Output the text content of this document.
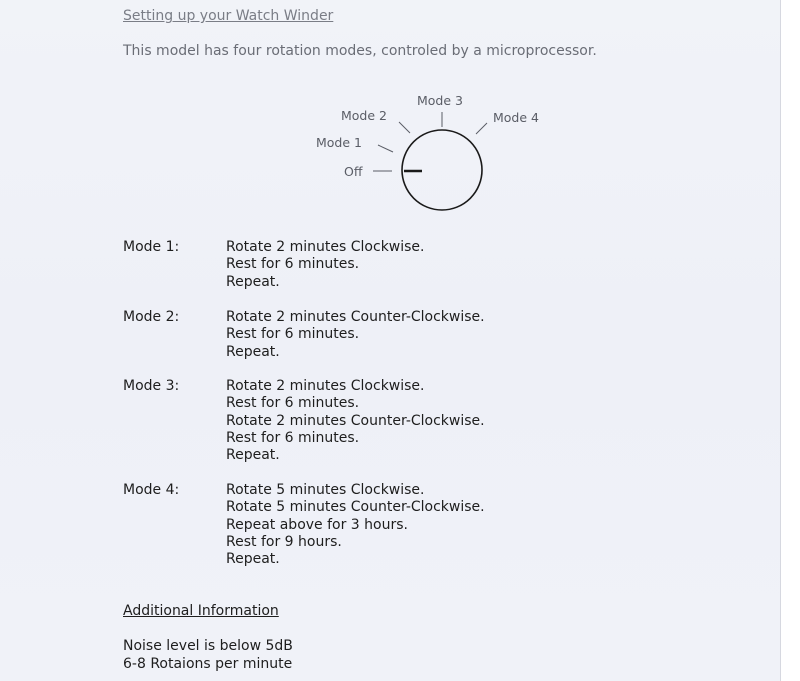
Setting up your Watch Winder
This model has four rotation modes, controled by a microprocessor.
Off
Mode 1
Mode 2
Mode 3
Mode 4
Mode 1:	Rotate 2 minutes Clockwise.
Rest for 6 minutes.
Repeat.
Mode 2:	Rotate 2 minutes Counter-Clockwise.
Rest for 6 minutes.
Repeat.
Mode 3:	Rotate 2 minutes Clockwise.
Rest for 6 minutes.
Rotate 2 minutes Counter-Clockwise.
Rest for 6 minutes.
Repeat.
Mode 4:	Rotate 5 minutes Clockwise.
Rotate 5 minutes Counter-Clockwise.
Repeat above for 3 hours.
Rest for 9 hours.
Repeat.
Additional Information
Noise level is below 5dB
6-8 Rotaions per minute
